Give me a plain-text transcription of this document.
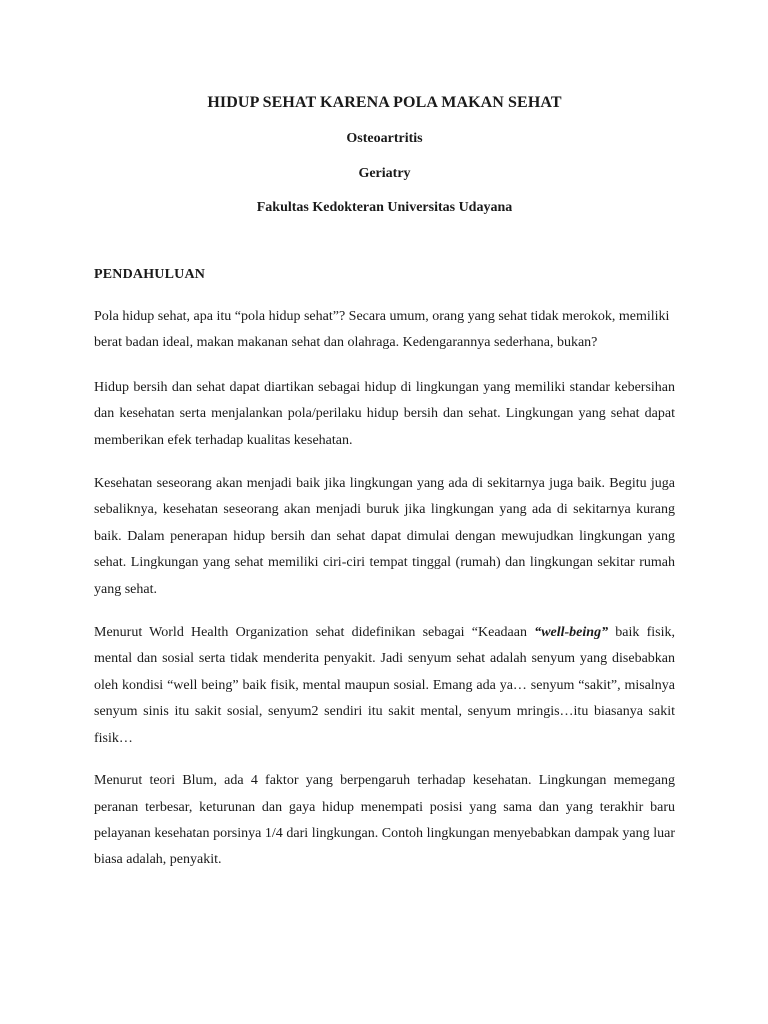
HIDUP SEHAT KARENA POLA MAKAN SEHAT
Osteoartritis
Geriatry
Fakultas Kedokteran Universitas Udayana
PENDAHULUAN

Pola hidup sehat, apa itu “pola hidup sehat”? Secara umum, orang yang sehat tidak merokok, memiliki berat badan ideal, makan makanan sehat dan olahraga. Kedengarannya sederhana, bukan?

Hidup bersih dan sehat dapat diartikan sebagai hidup di lingkungan yang memiliki standar kebersihan dan kesehatan serta menjalankan pola/perilaku hidup bersih dan sehat. Lingkungan yang sehat dapat memberikan efek terhadap kualitas kesehatan.

Kesehatan seseorang akan menjadi baik jika lingkungan yang ada di sekitarnya juga baik. Begitu juga sebaliknya, kesehatan seseorang akan menjadi buruk jika lingkungan yang ada di sekitarnya kurang baik. Dalam penerapan hidup bersih dan sehat dapat dimulai dengan mewujudkan lingkungan yang sehat. Lingkungan yang sehat memiliki ciri-ciri tempat tinggal (rumah) dan lingkungan sekitar rumah yang sehat.

Menurut World Health Organization sehat didefinikan sebagai “Keadaan “well-being” baik fisik, mental dan sosial serta tidak menderita penyakit. Jadi senyum sehat adalah senyum yang disebabkan oleh kondisi “well being” baik fisik, mental maupun sosial. Emang ada ya… senyum “sakit”, misalnya senyum sinis itu sakit sosial, senyum2 sendiri itu sakit mental, senyum mringis…itu biasanya sakit fisik…

Menurut teori Blum, ada 4 faktor yang berpengaruh terhadap kesehatan. Lingkungan memegang peranan terbesar, keturunan dan gaya hidup menempati posisi yang sama dan yang terakhir baru pelayanan kesehatan porsinya 1/4 dari lingkungan. Contoh lingkungan menyebabkan dampak yang luar biasa adalah, penyakit.
